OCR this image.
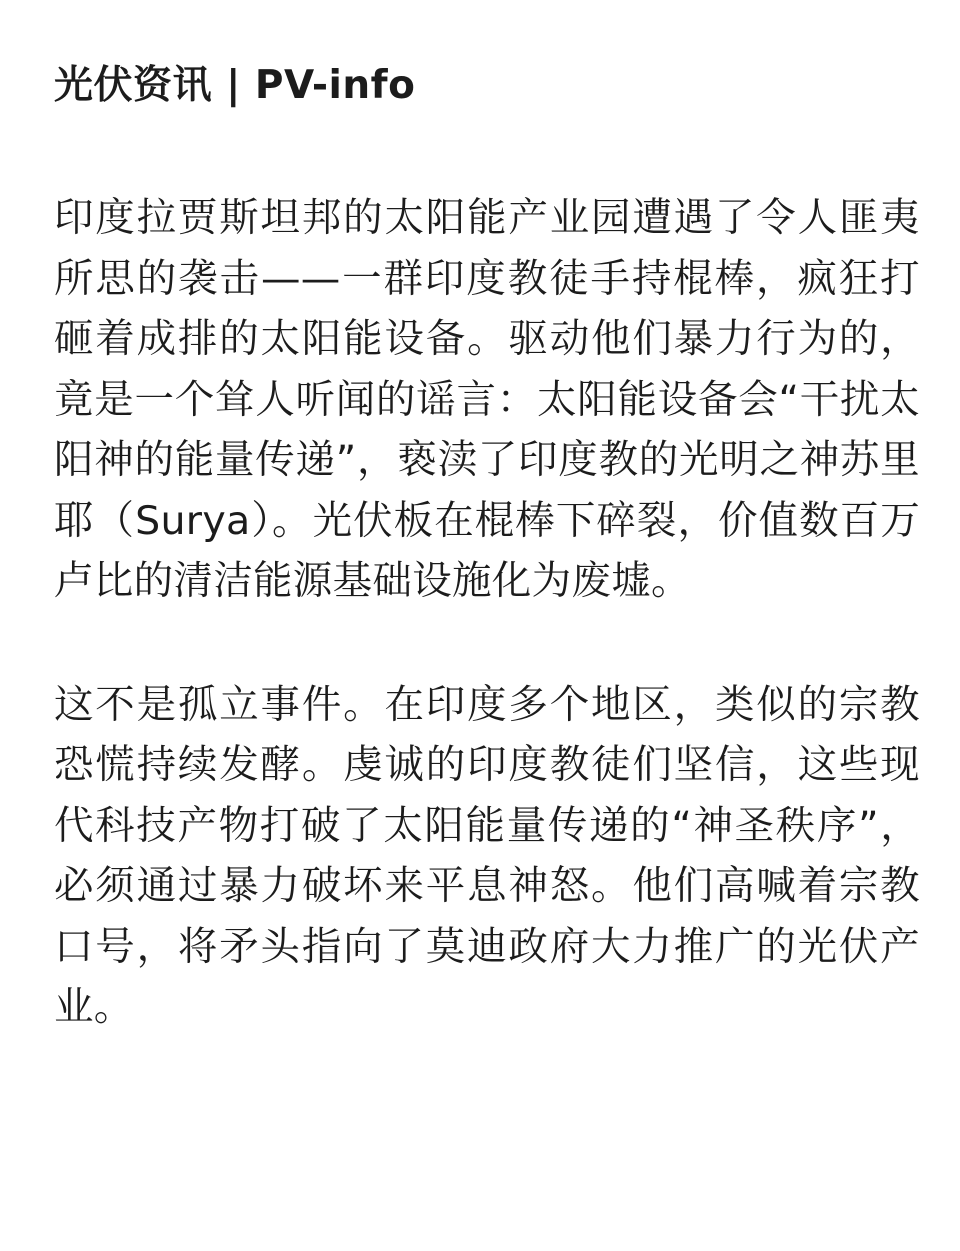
光伏资讯 | PV-info

印度拉贾斯坦邦的太阳能产业园遭遇了令人匪夷所思的袭击——一群印度教徒手持棍棒，疯狂打砸着成排的太阳能设备。驱动他们暴力行为的，竟是一个耸人听闻的谣言：太阳能设备会“干扰太阳神的能量传递”，亵渎了印度教的光明之神苏里耶（Surya）。光伏板在棍棒下碎裂，价值数百万卢比的清洁能源基础设施化为废墟。

这不是孤立事件。在印度多个地区，类似的宗教恐慌持续发酵。虔诚的印度教徒们坚信，这些现代科技产物打破了太阳能量传递的“神圣秩序”，必须通过暴力破坏来平息神怒。他们高喊着宗教口号，将矛头指向了莫迪政府大力推广的光伏产业。
